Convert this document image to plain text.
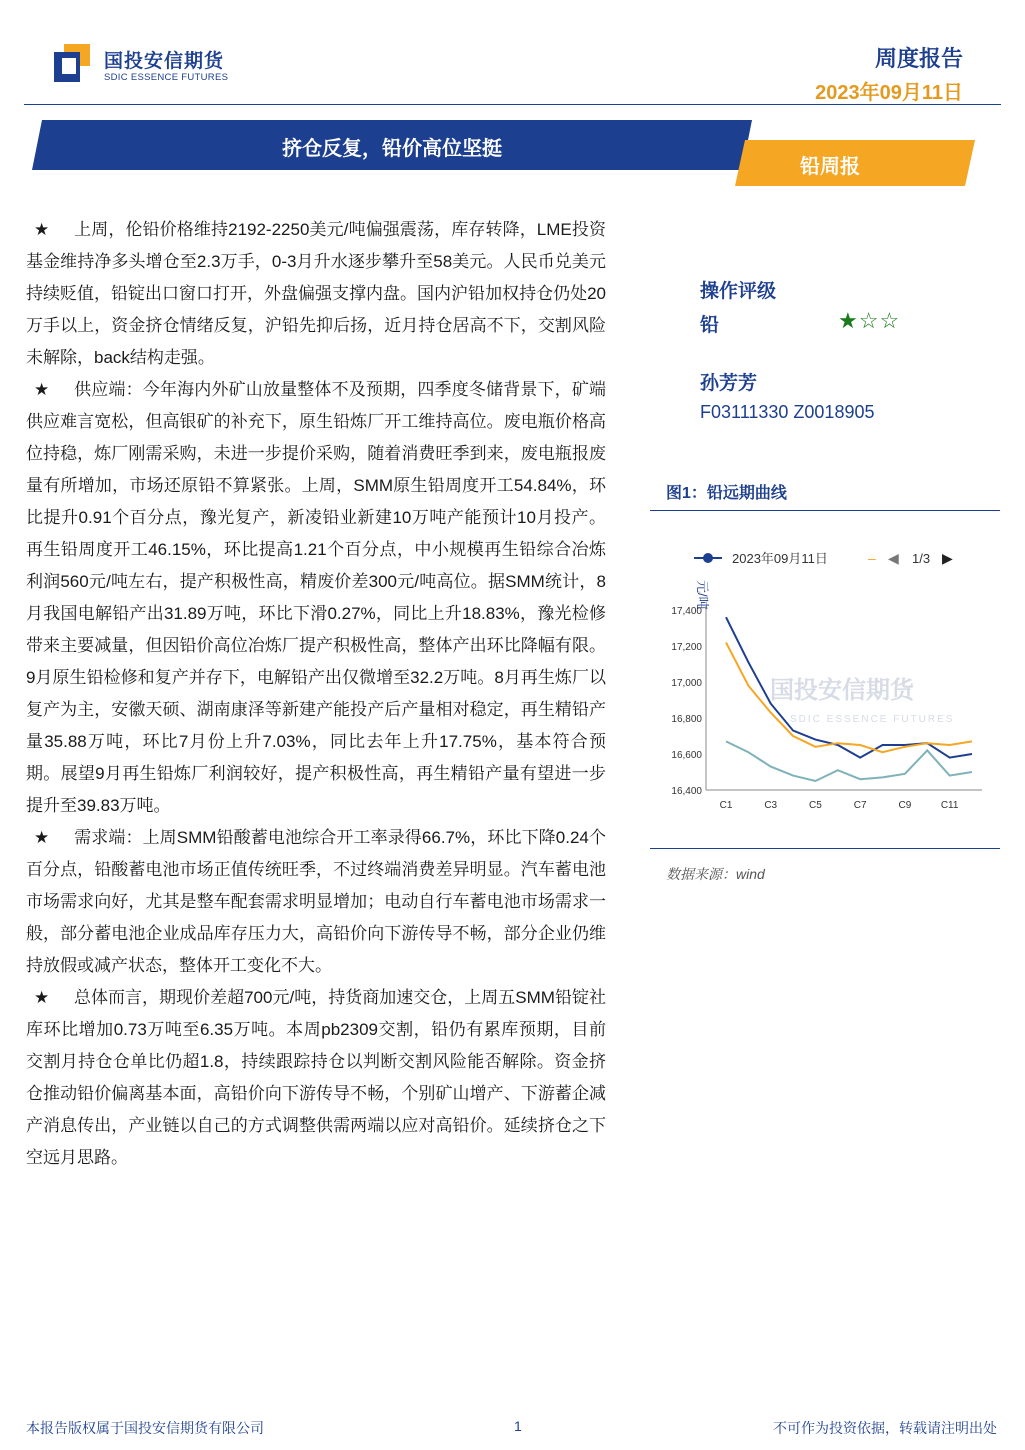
国投安信期货
SDIC ESSENCE FUTURES
周度报告
2023年09月11日
挤仓反复，铅价高位坚挺
铅周报

★ 上周，伦铅价格维持2192-2250美元/吨偏强震荡，库存转降，LME投资基金维持净多头增仓至2.3万手，0-3月升水逐步攀升至58美元。人民币兑美元持续贬值，铅锭出口窗口打开，外盘偏强支撑内盘。国内沪铅加权持仓仍处20万手以上，资金挤仓情绪反复，沪铅先抑后扬，近月持仓居高不下，交割风险未解除，back结构走强。

★ 供应端：今年海内外矿山放量整体不及预期，四季度冬储背景下，矿端供应难言宽松，但高银矿的补充下，原生铅炼厂开工维持高位。废电瓶价格高位持稳，炼厂刚需采购，未进一步提价采购，随着消费旺季到来，废电瓶报废量有所增加，市场还原铅不算紧张。上周，SMM原生铅周度开工54.84%，环比提升0.91个百分点，豫光复产，新凌铅业新建10万吨产能预计10月投产。再生铅周度开工46.15%，环比提高1.21个百分点，中小规模再生铅综合冶炼利润560元/吨左右，提产积极性高，精废价差300元/吨高位。据SMM统计，8月我国电解铅产出31.89万吨，环比下滑0.27%，同比上升18.83%，豫光检修带来主要减量，但因铅价高位冶炼厂提产积极性高，整体产出环比降幅有限。9月原生铅检修和复产并存下，电解铅产出仅微增至32.2万吨。8月再生炼厂以复产为主，安徽天硕、湖南康泽等新建产能投产后产量相对稳定，再生精铅产量35.88万吨，环比7月份上升7.03%，同比去年上升17.75%，基本符合预期。展望9月再生铅炼厂利润较好，提产积极性高，再生精铅产量有望进一步提升至39.83万吨。

★ 需求端：上周SMM铅酸蓄电池综合开工率录得66.7%，环比下降0.24个百分点，铅酸蓄电池市场正值传统旺季，不过终端消费差异明显。汽车蓄电池市场需求向好，尤其是整车配套需求明显增加；电动自行车蓄电池市场需求一般，部分蓄电池企业成品库存压力大，高铅价向下游传导不畅，部分企业仍维持放假或减产状态，整体开工变化不大。

★ 总体而言，期现价差超700元/吨，持货商加速交仓，上周五SMM铅锭社库环比增加0.73万吨至6.35万吨。本周pb2309交割，铅仍有累库预期，目前交割月持仓仓单比仍超1.8，持续跟踪持仓以判断交割风险能否解除。资金挤仓推动铅价偏离基本面，高铅价向下游传导不畅，个别矿山增产、下游蓄企减产消息传出，产业链以自己的方式调整供需两端以应对高铅价。延续挤仓之下空远月思路。

操作评级
铅	★☆☆
孙芳芳
F03111330 Z0018905
图1：铅远期曲线
国投安信期货
SDIC ESSENCE FUTURES
2023年09月11日	– ◀ 1/3 ▶
元/吨
16,400
16,600
16,800
17,000
17,200
17,400
C1	C3	C5	C7	C9	C11
数据来源：wind
本报告版权属于国投安信期货有限公司	1	不可作为投资依据，转载请注明出处
